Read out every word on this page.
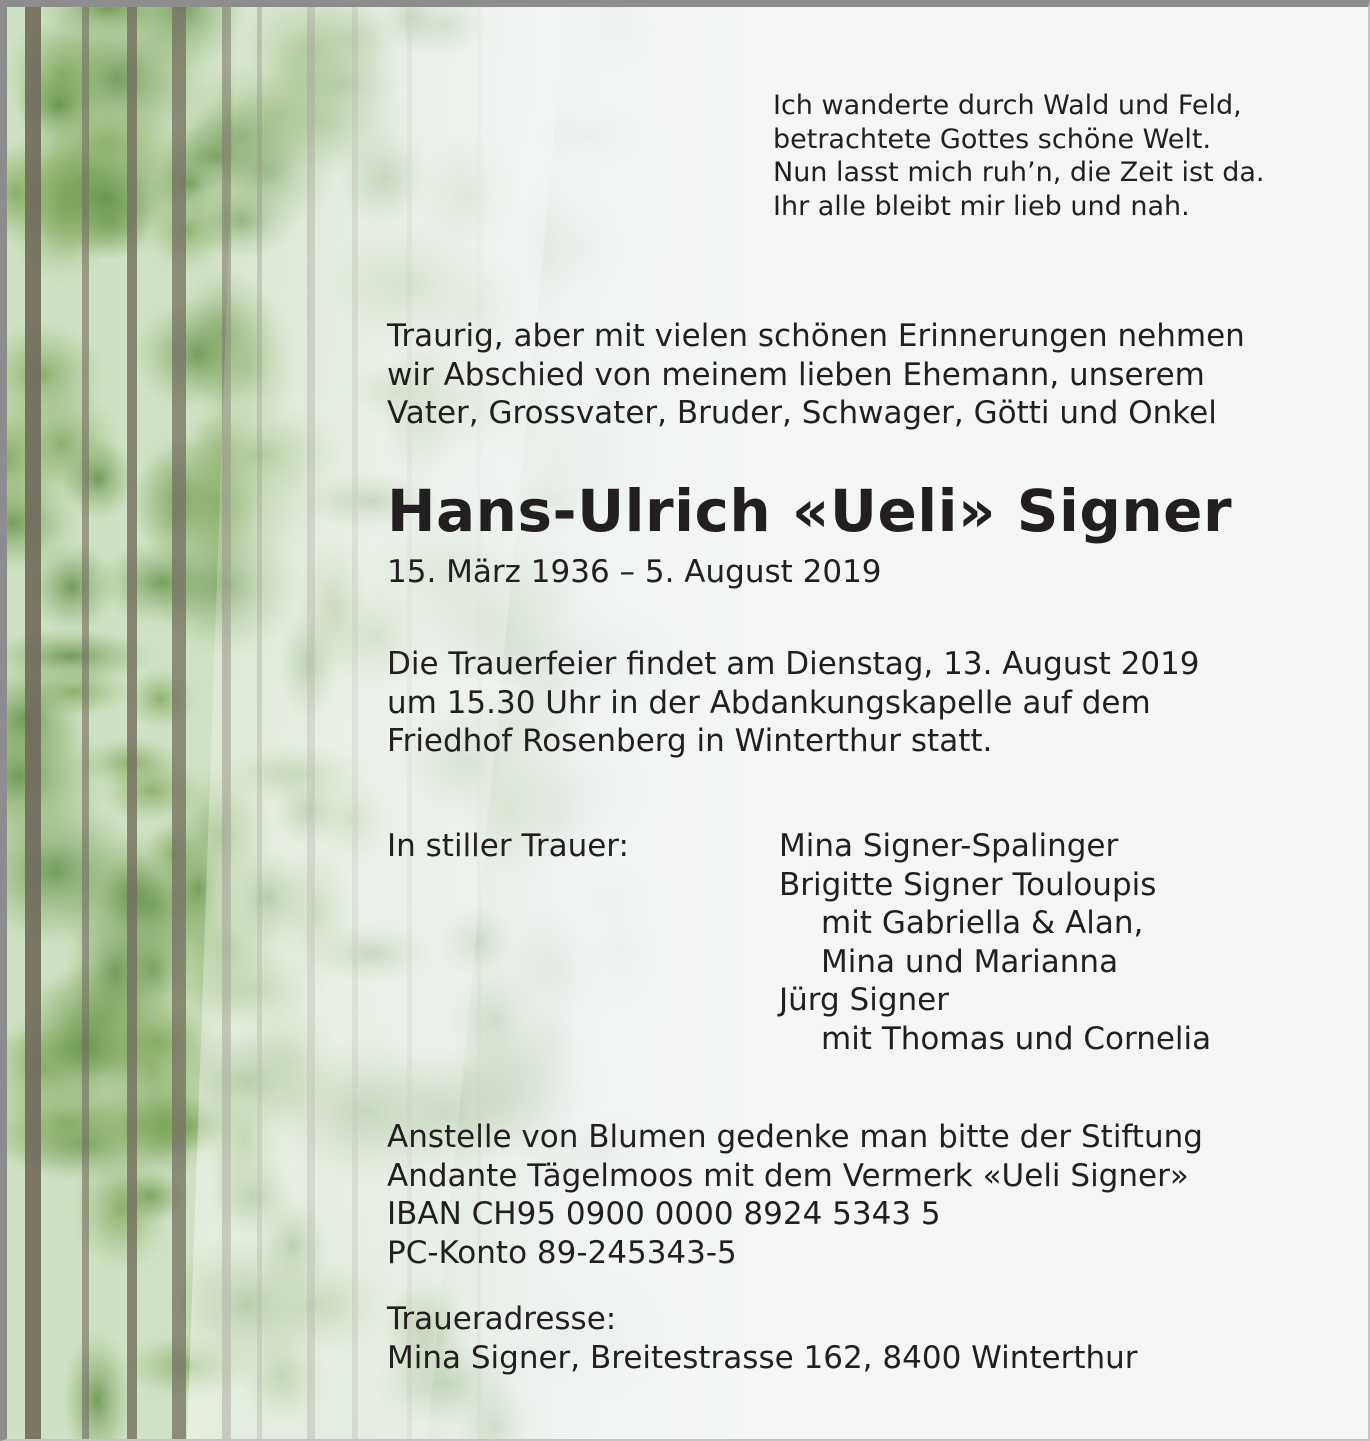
Ich wanderte durch Wald und Feld,
betrachtete Gottes schöne Welt.
Nun lasst mich ruh’n, die Zeit ist da.
Ihr alle bleibt mir lieb und nah.
Traurig, aber mit vielen schönen Erinnerungen nehmen
wir Abschied von meinem lieben Ehemann, unserem
Vater, Grossvater, Bruder, Schwager, Götti und Onkel
Hans-Ulrich «Ueli» Signer
15. März 1936 – 5. August 2019
Die Trauerfeier findet am Dienstag, 13. August 2019
um 15.30 Uhr in der Abdankungskapelle auf dem
Friedhof Rosenberg in Winterthur statt.
In stiller Trauer:	Mina Signer-Spalinger
Brigitte Signer Touloupis
mit Gabriella & Alan,
Mina und Marianna
Jürg Signer
mit Thomas und Cornelia
Anstelle von Blumen gedenke man bitte der Stiftung
Andante Tägelmoos mit dem Vermerk «Ueli Signer»
IBAN CH95 0900 0000 8924 5343 5
PC-Konto 89-245343-5
Traueradresse:
Mina Signer, Breitestrasse 162, 8400 Winterthur
